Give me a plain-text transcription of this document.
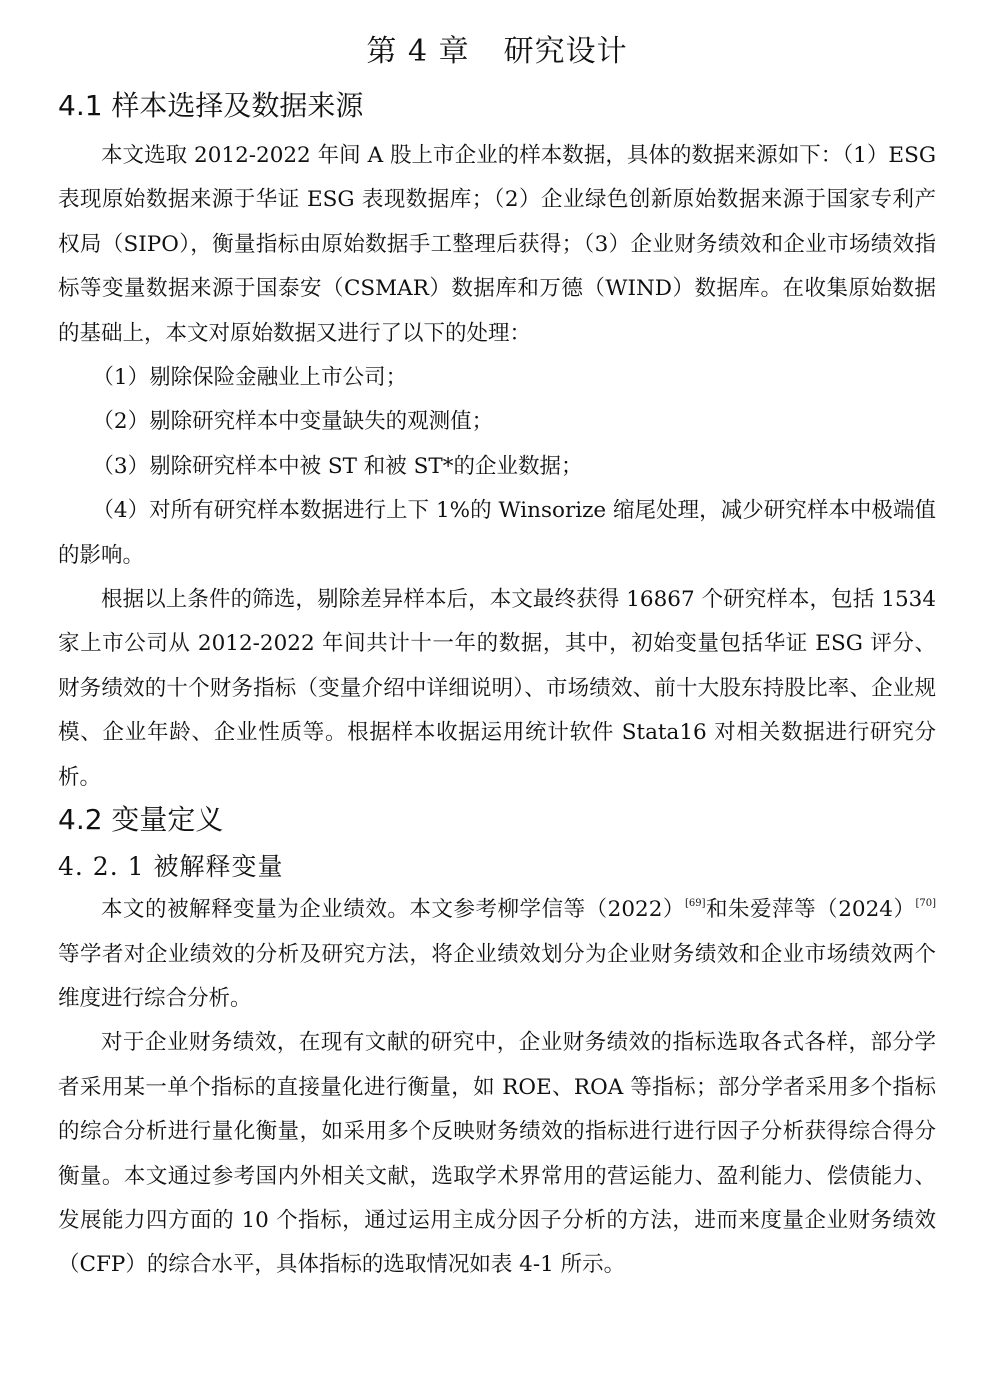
第 4 章 研究设计
4.1 样本选择及数据来源

本文选取 2012-2022 年间 A 股上市企业的样本数据，具体的数据来源如下：（1）ESG 表现原始数据来源于华证 ESG 表现数据库；（2）企业绿色创新原始数据来源于国家专利产权局（SIPO），衡量指标由原始数据手工整理后获得；（3）企业财务绩效和企业市场绩效指标等变量数据来源于国泰安（CSMAR）数据库和万德（WIND）数据库。在收集原始数据的基础上，本文对原始数据又进行了以下的处理：

（1）剔除保险金融业上市公司；

（2）剔除研究样本中变量缺失的观测值；

（3）剔除研究样本中被 ST 和被 ST*的企业数据；

（4）对所有研究样本数据进行上下 1%的 Winsorize 缩尾处理，减少研究样本中极端值的影响。

根据以上条件的筛选，剔除差异样本后，本文最终获得 16867 个研究样本，包括 1534 家上市公司从 2012-2022 年间共计十一年的数据，其中，初始变量包括华证 ESG 评分、财务绩效的十个财务指标（变量介绍中详细说明）、市场绩效、前十大股东持股比率、企业规模、企业年龄、企业性质等。根据样本收据运用统计软件 Stata16 对相关数据进行研究分析。

4.2 变量定义
4. 2. 1 被解释变量

本文的被解释变量为企业绩效。本文参考柳学信等（2022）[69]和朱爱萍等（2024）[70]等学者对企业绩效的分析及研究方法，将企业绩效划分为企业财务绩效和企业市场绩效两个维度进行综合分析。

对于企业财务绩效，在现有文献的研究中，企业财务绩效的指标选取各式各样，部分学者采用某一单个指标的直接量化进行衡量，如 ROE、ROA 等指标；部分学者采用多个指标的综合分析进行量化衡量，如采用多个反映财务绩效的指标进行进行因子分析获得综合得分衡量。本文通过参考国内外相关文献，选取学术界常用的营运能力、盈利能力、偿债能力、发展能力四方面的 10 个指标，通过运用主成分因子分析的方法，进而来度量企业财务绩效（CFP）的综合水平，具体指标的选取情况如表 4-1 所示。
